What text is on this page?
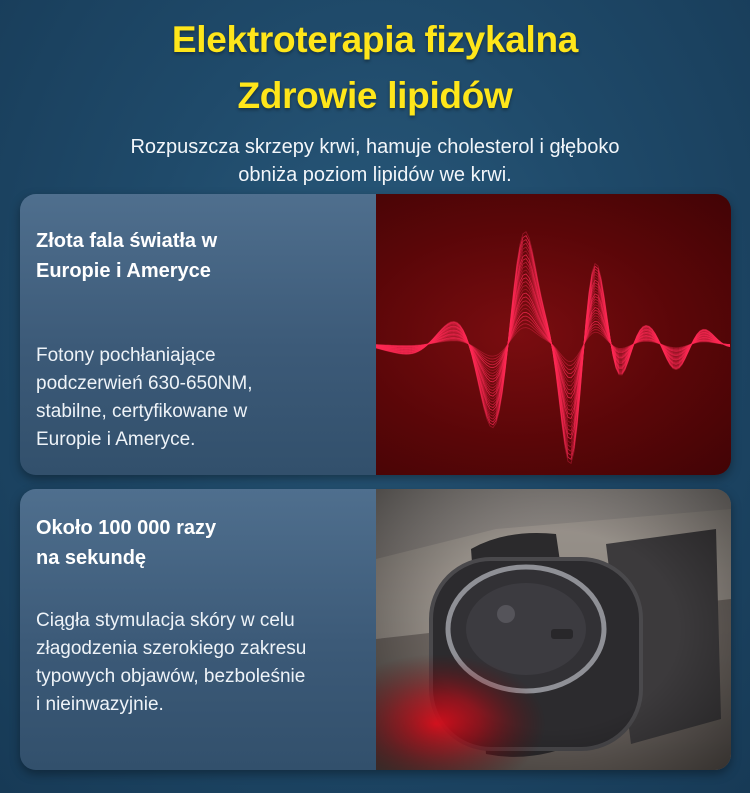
Elektroterapia fizykalna
Zdrowie lipidów
Rozpuszcza skrzepy krwi, hamuje cholesterol i głęboko
obniża poziom lipidów we krwi.
Złota fala światła w
Europie i Ameryce
Fotony pochłaniające
podczerwień 630-650NM,
stabilne, certyfikowane w
Europie i Ameryce.
Około 100 000 razy
na sekundę
Ciągła stymulacja skóry w celu
złagodzenia szerokiego zakresu
typowych objawów, bezboleśnie
i nieinwazyjnie.
